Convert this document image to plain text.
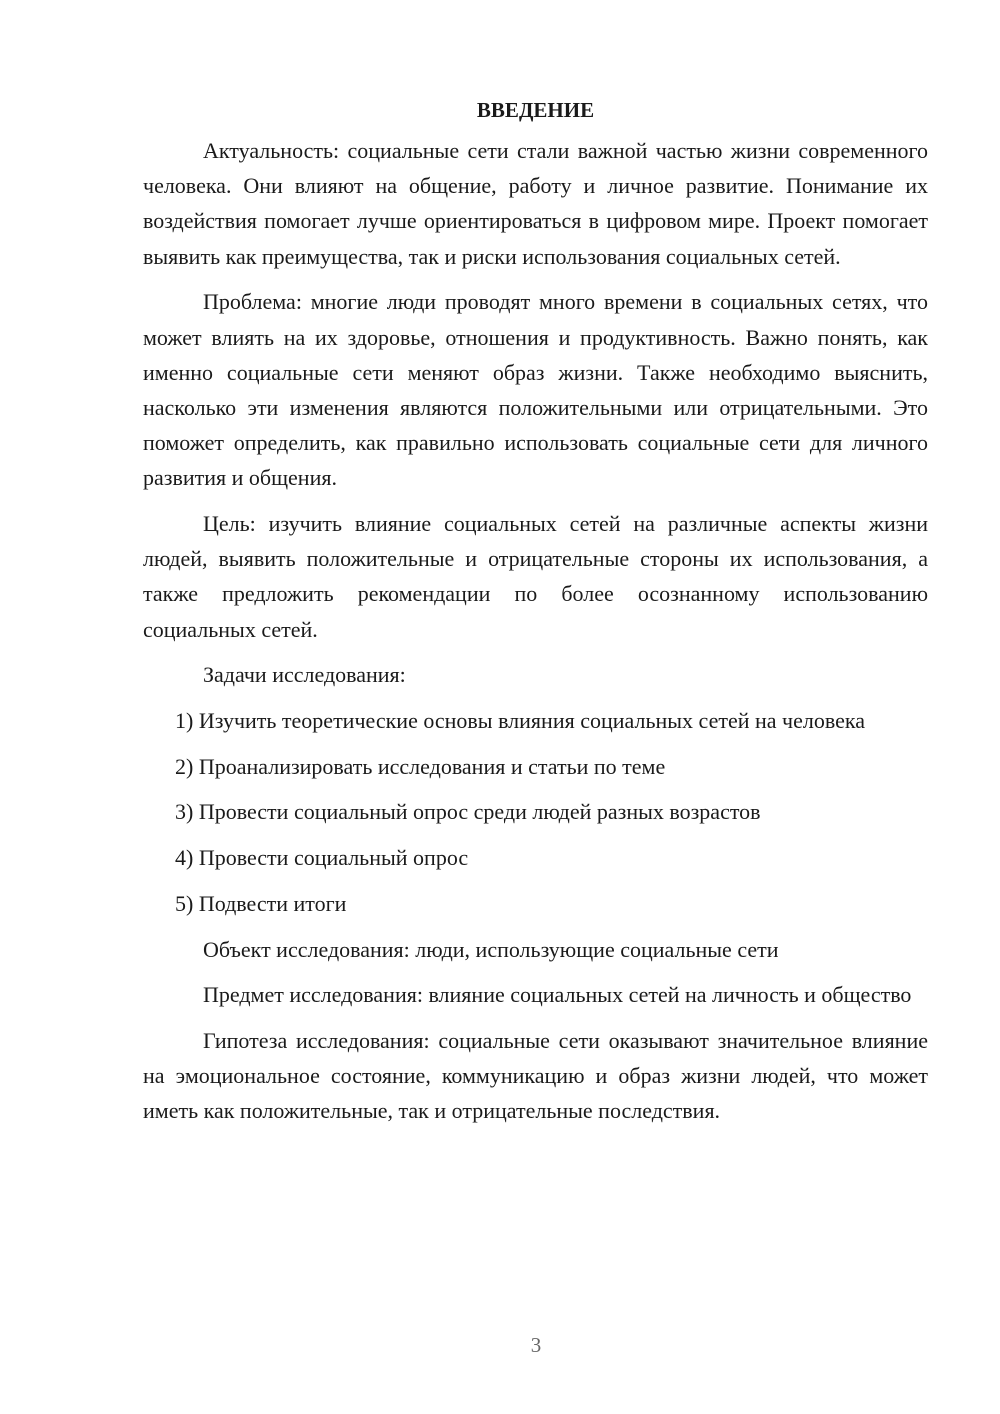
ВВЕДЕНИЕ

Актуальность: социальные сети стали важной частью жизни современного человека. Они влияют на общение, работу и личное развитие. Понимание их воздействия помогает лучше ориентироваться в цифровом мире. Проект помогает выявить как преимущества, так и риски использования социальных сетей.

Проблема: многие люди проводят много времени в социальных сетях, что может влиять на их здоровье, отношения и продуктивность. Важно понять, как именно социальные сети меняют образ жизни. Также необходимо выяснить, насколько эти изменения являются положительными или отрицательными. Это поможет определить, как правильно использовать социальные сети для личного развития и общения.

Цель: изучить влияние социальных сетей на различные аспекты жизни людей, выявить положительные и отрицательные стороны их использования, а также предложить рекомендации по более осознанному использованию социальных сетей.

Задачи исследования:

1) Изучить теоретические основы влияния социальных сетей на человека

2) Проанализировать исследования и статьи по теме

3) Провести социальный опрос среди людей разных возрастов

4) Провести социальный опрос

5) Подвести итоги

Объект исследования: люди, использующие социальные сети

Предмет исследования: влияние социальных сетей на личность и общество

Гипотеза исследования: социальные сети оказывают значительное влияние на эмоциональное состояние, коммуникацию и образ жизни людей, что может иметь как положительные, так и отрицательные последствия.

3
